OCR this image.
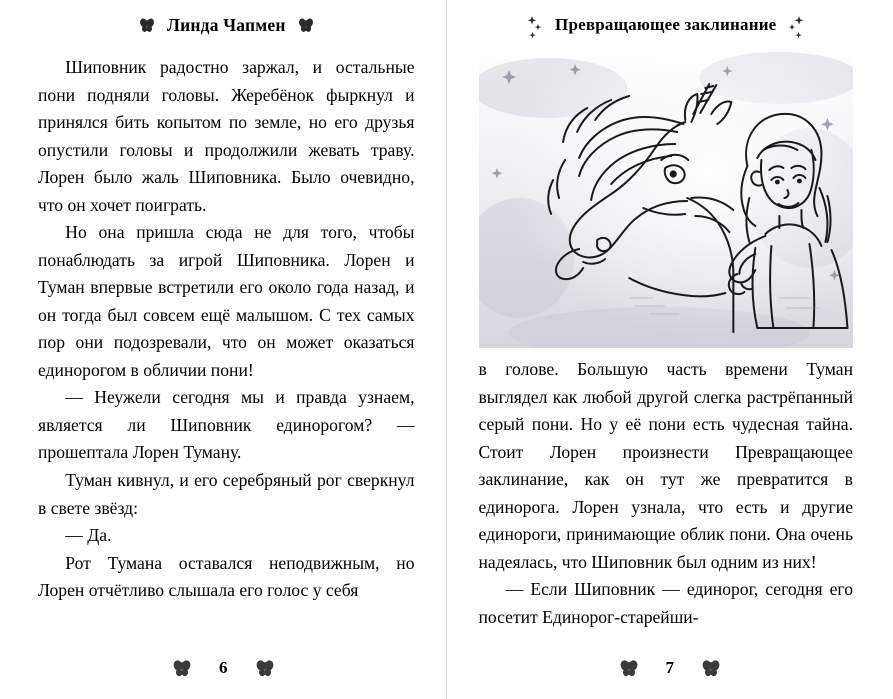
Линда Чапмен

Шиповник радостно заржал, и остальные пони подняли головы. Жеребёнок фыркнул и принялся бить копытом по земле, но его друзья опустили головы и продолжили жевать траву. Лорен было жаль Шиповника. Было очевидно, что он хочет поиграть.

Но она пришла сюда не для того, чтобы понаблюдать за игрой Шиповника. Лорен и Туман впервые встретили его около года назад, и он тогда был совсем ещё малышом. С тех самых пор они подозревали, что он может оказаться единорогом в обличии пони!

— Неужели сегодня мы и правда узнаем, является ли Шиповник единорогом? — прошептала Лорен Туману.

Туман кивнул, и его серебряный рог сверкнул в свете звёзд:

— Да.

Рот Тумана оставался неподвижным, но Лорен отчётливо слышала его голос у себя

6
Превращающее заклинание

в голове. Большую часть времени Туман выглядел как любой другой слегка растрёпанный серый пони. Но у её пони есть чудесная тайна. Стоит Лорен произнести Превращающее заклинание, как он тут же превратится в единорога. Лорен узнала, что есть и другие единороги, принимающие облик пони. Она очень надеялась, что Шиповник был одним из них!

— Если Шиповник — единорог, сегодня его посетит Единорог-старейши-

7
